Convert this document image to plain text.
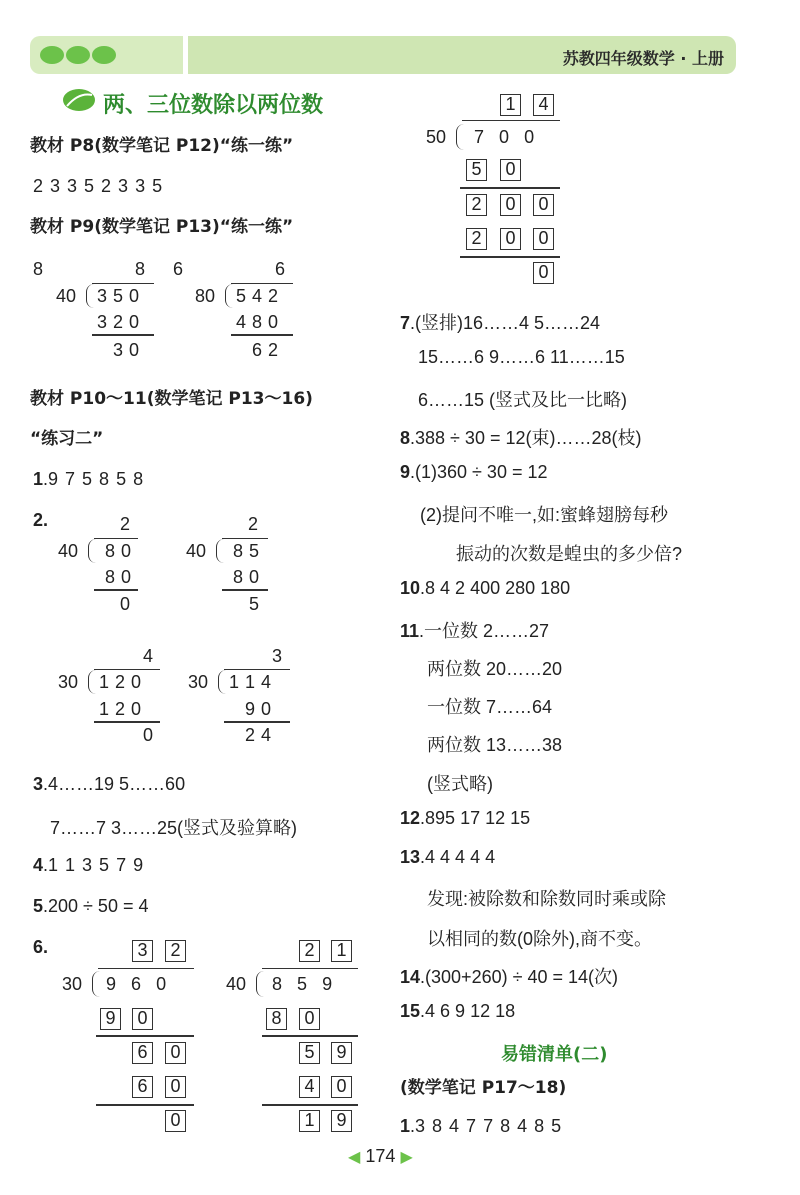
苏教四年级数学 · 上册
两、三位数除以两位数
教材 P8(数学笔记 P12)“练一练”
2 3 3 5 2 3 3 5
教材 P9(数学笔记 P13)“练一练”
8	8
40 3 5 0
3 2 0
3 0
6	6
80 5 4 2
4 8 0
6 2
教材 P10～11(数学笔记 P13～16)
“练习二”
1.9 7 5 8 5 8
2.	2
40 8 0
8 0
0
2
40 8 5
8 0
5
4
30 1 2 0
1 2 0
0
3
30 1 1 4
9 0
2 4
3.4……19 5……60
7……7 3……25(竖式及验算略)
4.1 1 3 5 7 9
5.200 ÷ 50 = 4
6.	3	2
30 9 6 0
9	0
6	0
6	0
0
2	1
40 8 5 9
8	0
5	9
4	0
1	9
1	4
50 7 0 0
5	0
2	0	0
2	0	0
0
7.(竖排)16……4 5……24
15……6 9……6 11……15
6……15 (竖式及比一比略)
8.388 ÷ 30 = 12(束)……28(枝)
9.(1)360 ÷ 30 = 12
(2)提问不唯一,如:蜜蜂翅膀每秒
振动的次数是蝗虫的多少倍?
10.8 4 2 400 280 180
11.一位数 2……27
两位数 20……20
一位数 7……64
两位数 13……38
(竖式略)
12.895 17 12 15
13.4 4 4 4 4
发现:被除数和除数同时乘或除
以相同的数(0除外),商不变。
14.(300+260) ÷ 40 = 14(次)
15.4 6 9 12 18
易错清单(二)
(数学笔记 P17～18)
1.3 8 4 7 7 8 4 8 5
◀ 174 ▶
